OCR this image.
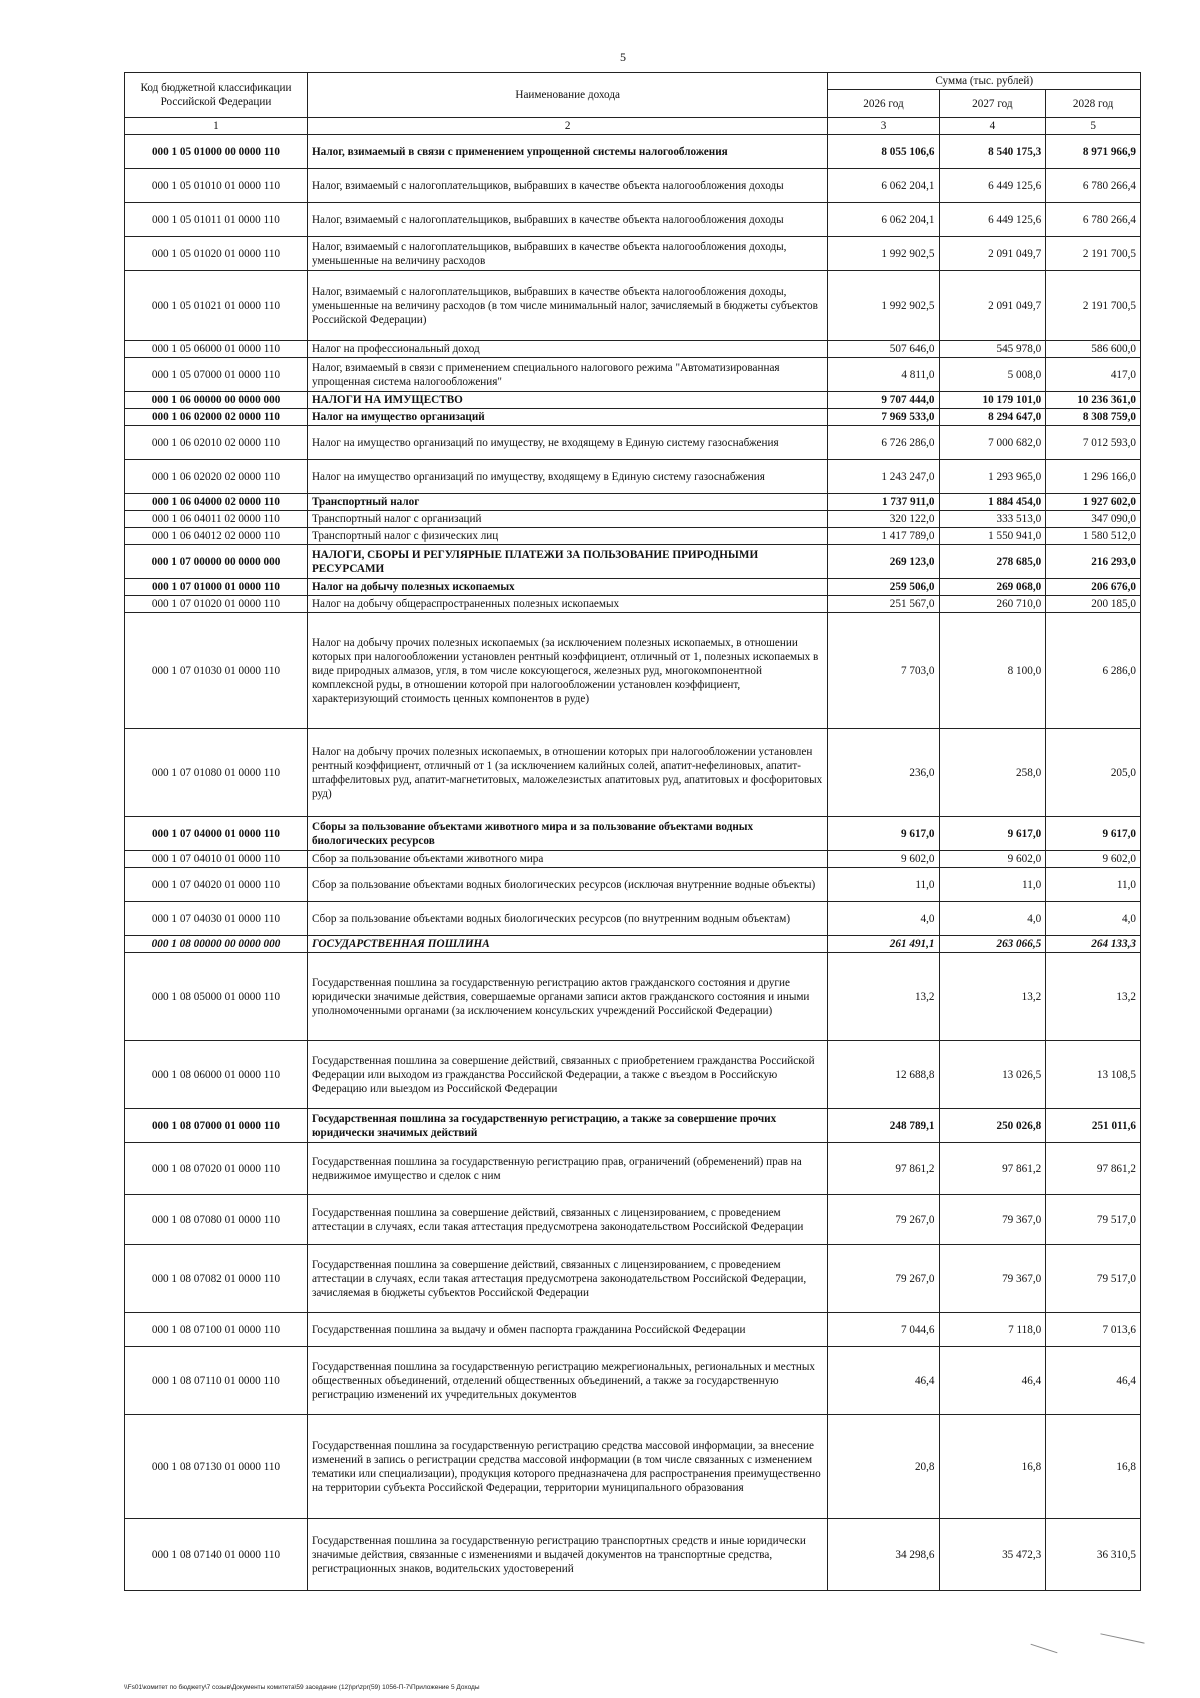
5
Код бюджетной классификации Российской Федерации	Наименование дохода	Сумма (тыс. рублей)		
		2026 год	2027 год	2028 год
1	2	3	4	5
000 1 05 01000 00 0000 110	Налог, взимаемый в связи с применением упрощенной системы налогообложения	8 055 106,6	8 540 175,3	8 971 966,9
000 1 05 01010 01 0000 110	Налог, взимаемый с налогоплательщиков, выбравших в качестве объекта налогообложения доходы	6 062 204,1	6 449 125,6	6 780 266,4
000 1 05 01011 01 0000 110	Налог, взимаемый с налогоплательщиков, выбравших в качестве объекта налогообложения доходы	6 062 204,1	6 449 125,6	6 780 266,4
000 1 05 01020 01 0000 110	Налог, взимаемый с налогоплательщиков, выбравших в качестве объекта налогообложения доходы, уменьшенные на величину расходов	1 992 902,5	2 091 049,7	2 191 700,5
000 1 05 01021 01 0000 110	Налог, взимаемый с налогоплательщиков, выбравших в качестве объекта налогообложения доходы, уменьшенные на величину расходов (в том числе минимальный налог, зачисляемый в бюджеты субъектов Российской Федерации)	1 992 902,5	2 091 049,7	2 191 700,5
000 1 05 06000 01 0000 110	Налог на профессиональный доход	507 646,0	545 978,0	586 600,0
000 1 05 07000 01 0000 110	Налог, взимаемый в связи с применением специального налогового режима "Автоматизированная упрощенная система налогообложения"	4 811,0	5 008,0	417,0
000 1 06 00000 00 0000 000	НАЛОГИ НА ИМУЩЕСТВО	9 707 444,0	10 179 101,0	10 236 361,0
000 1 06 02000 02 0000 110	Налог на имущество организаций	7 969 533,0	8 294 647,0	8 308 759,0
000 1 06 02010 02 0000 110	Налог на имущество организаций по имуществу, не входящему в Единую систему газоснабжения	6 726 286,0	7 000 682,0	7 012 593,0
000 1 06 02020 02 0000 110	Налог на имущество организаций по имуществу, входящему в Единую систему газоснабжения	1 243 247,0	1 293 965,0	1 296 166,0
000 1 06 04000 02 0000 110	Транспортный налог	1 737 911,0	1 884 454,0	1 927 602,0
000 1 06 04011 02 0000 110	Транспортный налог с организаций	320 122,0	333 513,0	347 090,0
000 1 06 04012 02 0000 110	Транспортный налог с физических лиц	1 417 789,0	1 550 941,0	1 580 512,0
000 1 07 00000 00 0000 000	НАЛОГИ, СБОРЫ И РЕГУЛЯРНЫЕ ПЛАТЕЖИ ЗА ПОЛЬЗОВАНИЕ ПРИРОДНЫМИ РЕСУРСАМИ	269 123,0	278 685,0	216 293,0
000 1 07 01000 01 0000 110	Налог на добычу полезных ископаемых	259 506,0	269 068,0	206 676,0
000 1 07 01020 01 0000 110	Налог на добычу общераспространенных полезных ископаемых	251 567,0	260 710,0	200 185,0
000 1 07 01030 01 0000 110	Налог на добычу прочих полезных ископаемых (за исключением полезных ископаемых, в отношении которых при налогообложении установлен рентный коэффициент, отличный от 1, полезных ископаемых в виде природных алмазов, угля, в том числе коксующегося, железных руд, многокомпонентной комплексной руды, в отношении которой при налогообложении установлен коэффициент, характеризующий стоимость ценных компонентов в руде)	7 703,0	8 100,0	6 286,0
000 1 07 01080 01 0000 110	Налог на добычу прочих полезных ископаемых, в отношении которых при налогообложении установлен рентный коэффициент, отличный от 1 (за исключением калийных солей, апатит-нефелиновых, апатит-штаффелитовых руд, апатит-магнетитовых, маложелезистых апатитовых руд, апатитовых и фосфоритовых руд)	236,0	258,0	205,0
000 1 07 04000 01 0000 110	Сборы за пользование объектами животного мира и за пользование объектами водных биологических ресурсов	9 617,0	9 617,0	9 617,0
000 1 07 04010 01 0000 110	Сбор за пользование объектами животного мира	9 602,0	9 602,0	9 602,0
000 1 07 04020 01 0000 110	Сбор за пользование объектами водных биологических ресурсов (исключая внутренние водные объекты)	11,0	11,0	11,0
000 1 07 04030 01 0000 110	Сбор за пользование объектами водных биологических ресурсов (по внутренним водным объектам)	4,0	4,0	4,0
000 1 08 00000 00 0000 000	ГОСУДАРСТВЕННАЯ ПОШЛИНА	261 491,1	263 066,5	264 133,3
000 1 08 05000 01 0000 110	Государственная пошлина за государственную регистрацию актов гражданского состояния и другие юридически значимые действия, совершаемые органами записи актов гражданского состояния и иными уполномоченными органами (за исключением консульских учреждений Российской Федерации)	13,2	13,2	13,2
000 1 08 06000 01 0000 110	Государственная пошлина за совершение действий, связанных с приобретением гражданства Российской Федерации или выходом из гражданства Российской Федерации, а также с въездом в Российскую Федерацию или выездом из Российской Федерации	12 688,8	13 026,5	13 108,5
000 1 08 07000 01 0000 110	Государственная пошлина за государственную регистрацию, а также за совершение прочих юридически значимых действий	248 789,1	250 026,8	251 011,6
000 1 08 07020 01 0000 110	Государственная пошлина за государственную регистрацию прав, ограничений (обременений) прав на недвижимое имущество и сделок с ним	97 861,2	97 861,2	97 861,2
000 1 08 07080 01 0000 110	Государственная пошлина за совершение действий, связанных с лицензированием, с проведением аттестации в случаях, если такая аттестация предусмотрена законодательством Российской Федерации	79 267,0	79 367,0	79 517,0
000 1 08 07082 01 0000 110	Государственная пошлина за совершение действий, связанных с лицензированием, с проведением аттестации в случаях, если такая аттестация предусмотрена законодательством Российской Федерации, зачисляемая в бюджеты субъектов Российской Федерации	79 267,0	79 367,0	79 517,0
000 1 08 07100 01 0000 110	Государственная пошлина за выдачу и обмен паспорта гражданина Российской Федерации	7 044,6	7 118,0	7 013,6
000 1 08 07110 01 0000 110	Государственная пошлина за государственную регистрацию межрегиональных, региональных и местных общественных объединений, отделений общественных объединений, а также за государственную регистрацию изменений их учредительных документов	46,4	46,4	46,4
000 1 08 07130 01 0000 110	Государственная пошлина за государственную регистрацию средства массовой информации, за внесение изменений в запись о регистрации средства массовой информации (в том числе связанных с изменением тематики или специализации), продукция которого предназначена для распространения преимущественно на территории субъекта Российской Федерации, территории муниципального образования	20,8	16,8	16,8
000 1 08 07140 01 0000 110	Государственная пошлина за государственную регистрацию транспортных средств и иные юридически значимые действия, связанные с изменениями и выдачей документов на транспортные средства, регистрационных знаков, водительских удостоверений	34 298,6	35 472,3	36 310,5
\\Fs01\комитет по бюджету\7 созыв\Документы комитета\59 заседание (12)\pr\zpr(59) 1056-П-7\Приложение 5 Доходы
